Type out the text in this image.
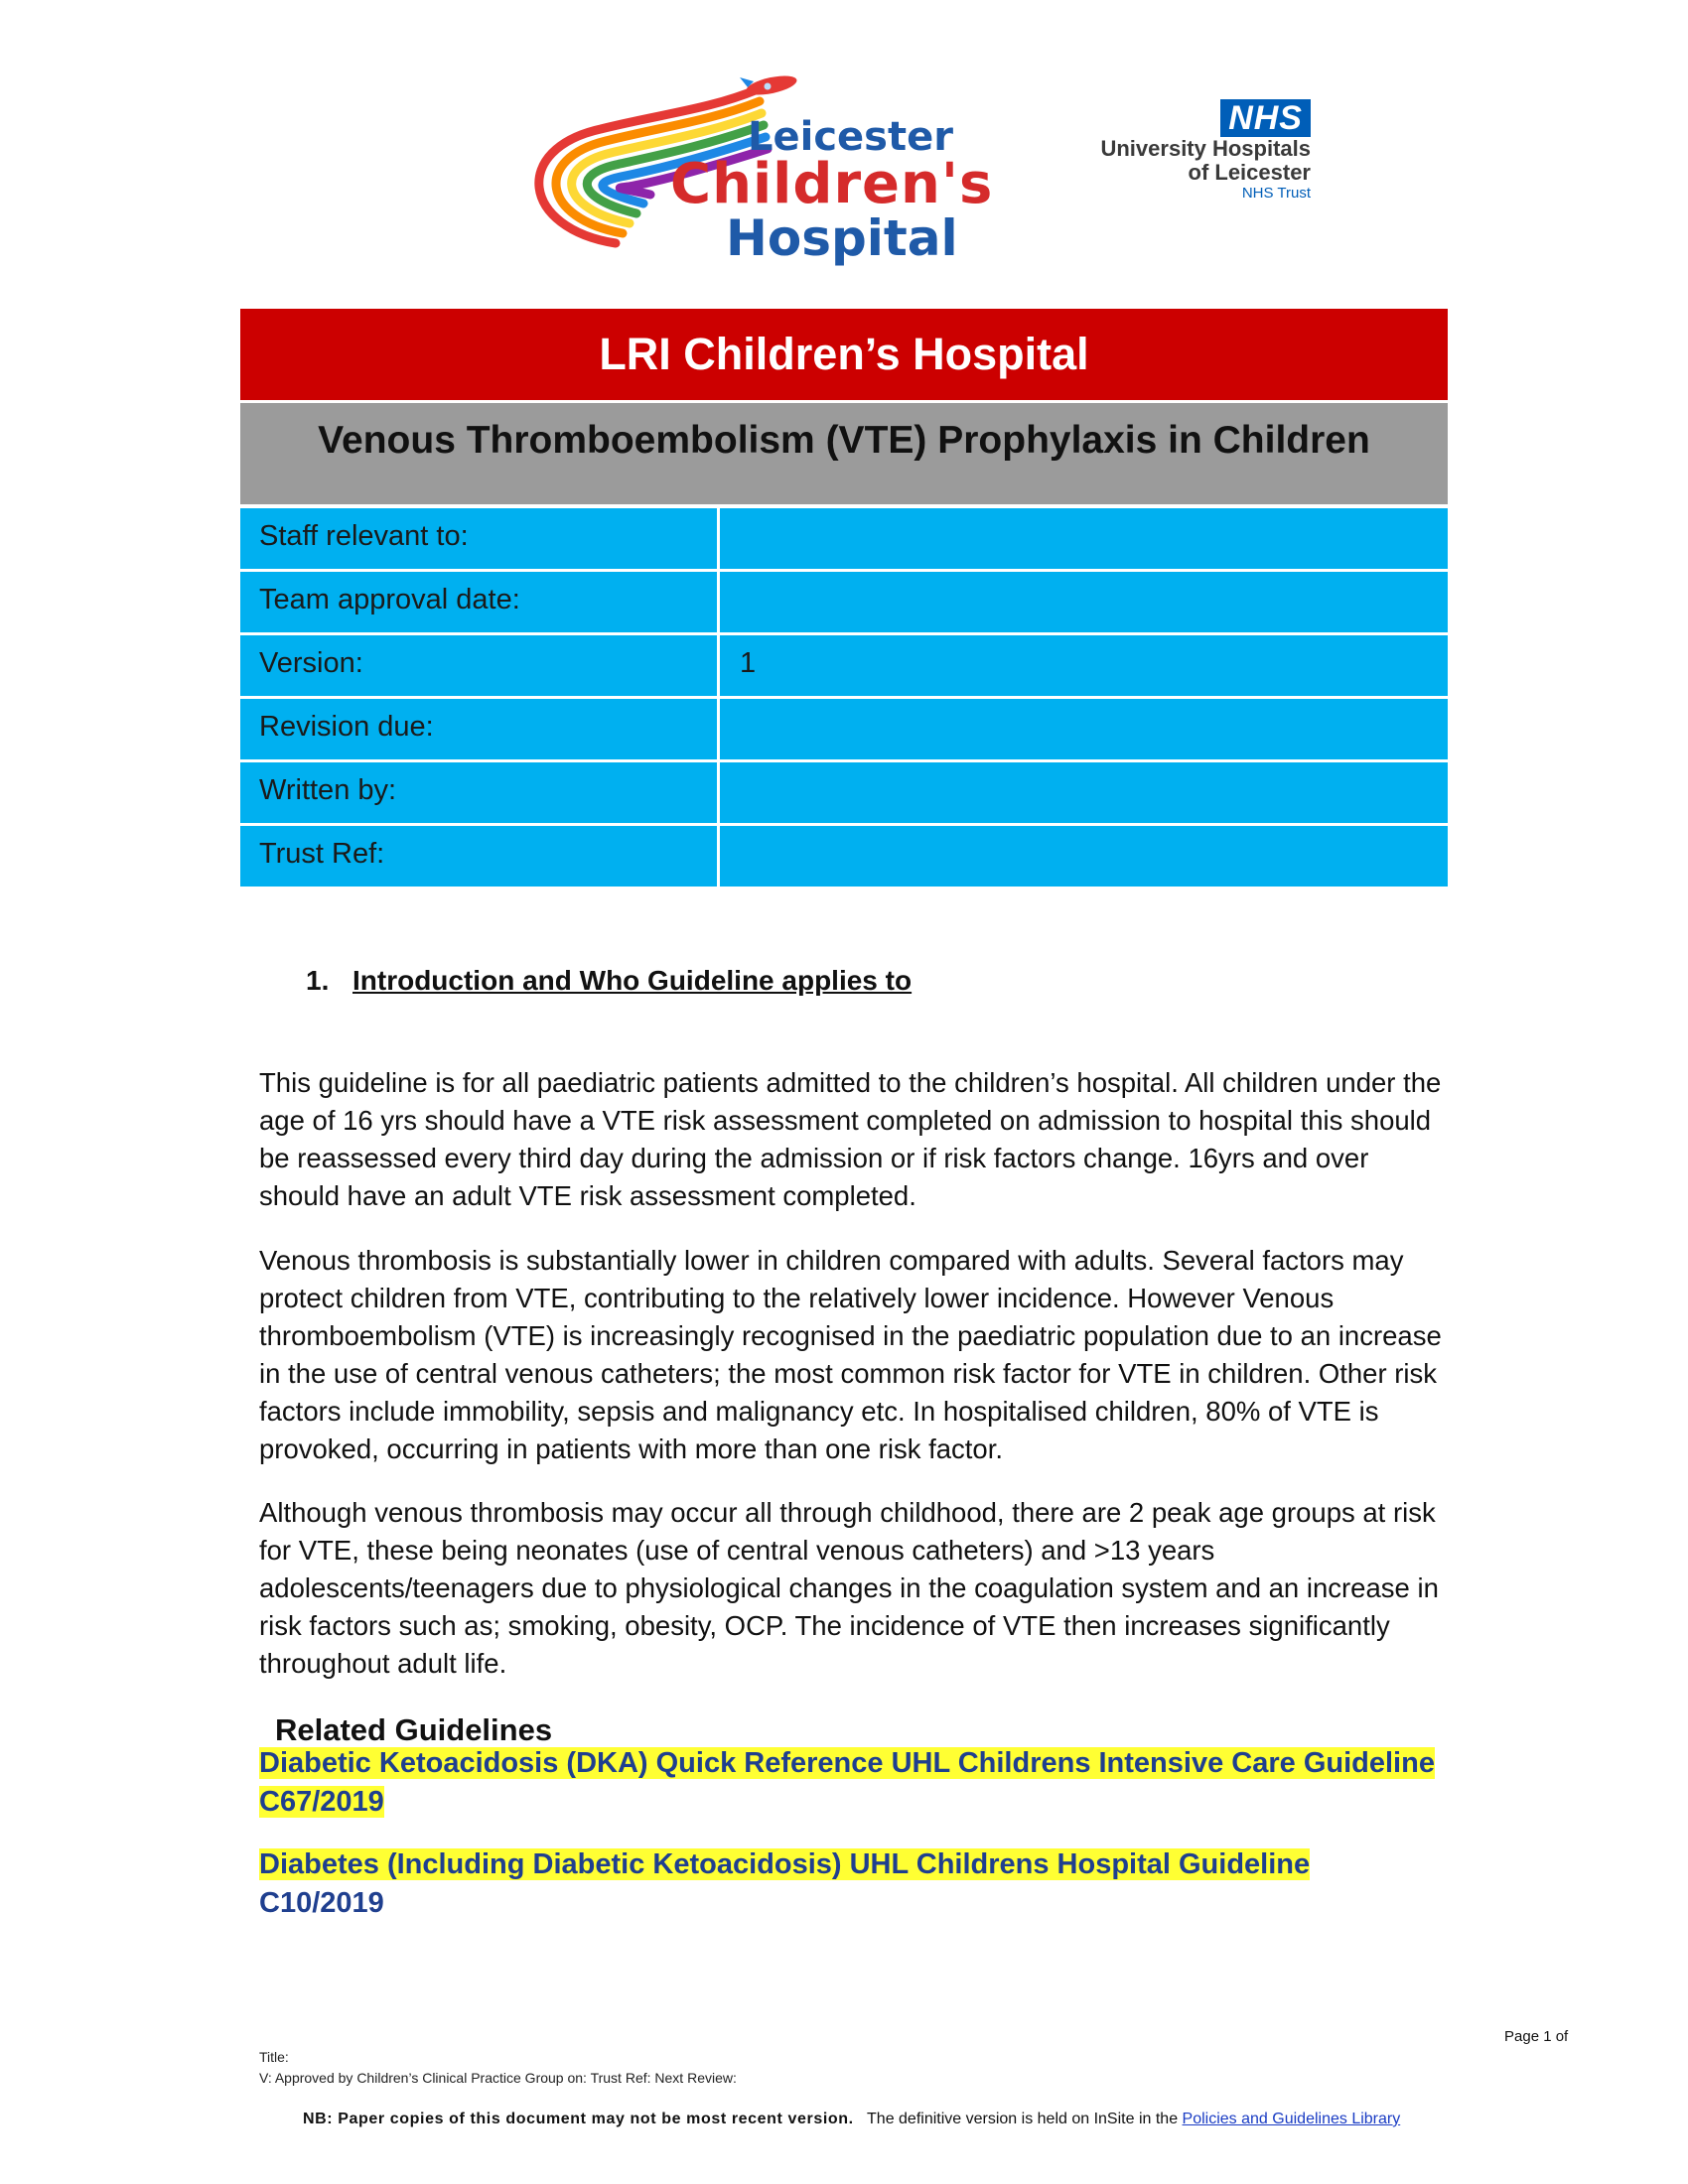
Leicester
Children's
Hospital
NHS
University Hospitals
of Leicester
NHS Trust
LRI Children’s Hospital
Venous Thromboembolism (VTE) Prophylaxis in Children
Staff relevant to:
Team approval date:
Version:	1
Revision due:
Written by:
Trust Ref:
1. Introduction and Who Guideline applies to

This guideline is for all paediatric patients admitted to the children’s hospital. All children under the age of 16 yrs should have a VTE risk assessment completed on admission to hospital this should be reassessed every third day during the admission or if risk factors change. 16yrs and over should have an adult VTE risk assessment completed.

Venous thrombosis is substantially lower in children compared with adults. Several factors may protect children from VTE, contributing to the relatively lower incidence. However Venous thromboembolism (VTE) is increasingly recognised in the paediatric population due to an increase in the use of central venous catheters; the most common risk factor for VTE in children. Other risk factors include immobility, sepsis and malignancy etc. In hospitalised children, 80% of VTE is provoked, occurring in patients with more than one risk factor.

Although venous thrombosis may occur all through childhood, there are 2 peak age groups at risk for VTE, these being neonates (use of central venous catheters) and >13 years adolescents/teenagers due to physiological changes in the coagulation system and an increase in risk factors such as; smoking, obesity, OCP. The incidence of VTE then increases significantly throughout adult life.

Related Guidelines
Diabetic Ketoacidosis (DKA) Quick Reference UHL Childrens Intensive Care Guideline C67/2019
Diabetes (Including Diabetic Ketoacidosis) UHL Childrens Hospital Guideline
C10/2019
Page 1 of
Title:
V: Approved by Children’s Clinical Practice Group on: Trust Ref: Next Review:
NB: Paper copies of this document may not be most recent version. The definitive version is held on InSite in the Policies and Guidelines Library
